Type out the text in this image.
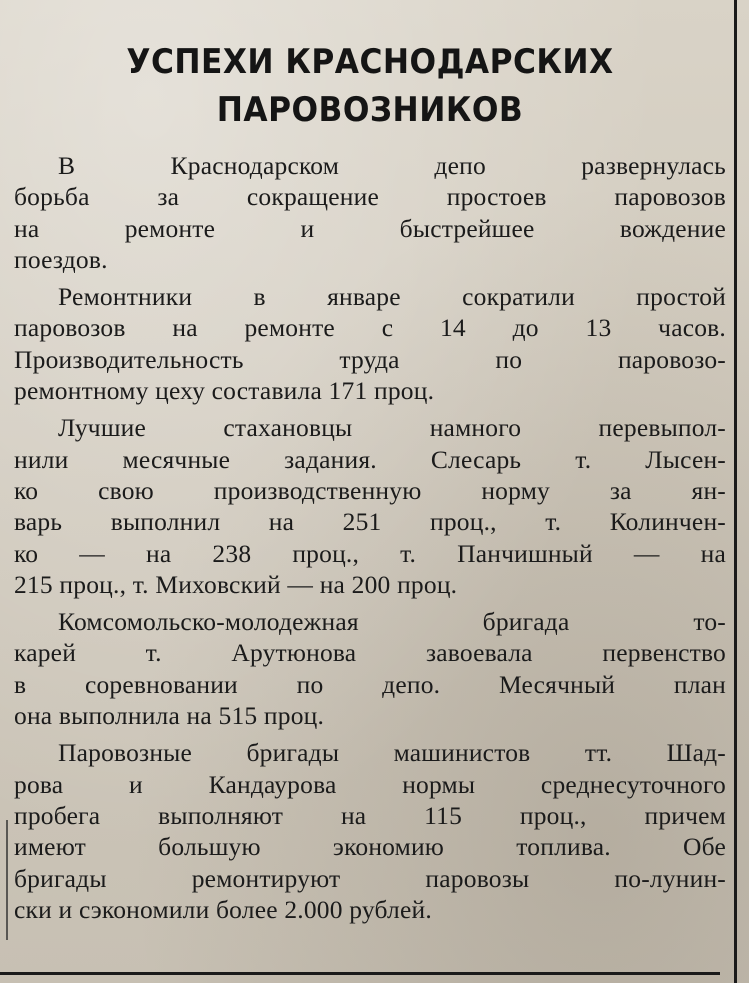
УСПЕХИ КРАСНОДАРСКИХ
ПАРОВОЗНИКОВ
В Краснодарском депо развернулась
борьба за сокращение простоев паровозов
на ремонте и быстрейшее вождение
поездов.
Ремонтники в январе сократили простой
паровозов на ремонте с 14 до 13 часов.
Производительность труда по паровозо-
ремонтному цеху составила 171 проц.
Лучшие стахановцы намного перевыпол-
нили месячные задания. Слесарь т. Лысен-
ко свою производственную норму за ян-
варь выполнил на 251 проц., т. Колинчен-
ко — на 238 проц., т. Панчишный — на
215 проц., т. Миховский — на 200 проц.
Комсомольско-молодежная бригада то-
карей т. Арутюнова завоевала первенство
в соревновании по депо. Месячный план
она выполнила на 515 проц.
Паровозные бригады машинистов тт. Шад-
рова и Кандаурова нормы среднесуточного
пробега выполняют на 115 проц., причем
имеют большую экономию топлива. Обе
бригады ремонтируют паровозы по-лунин-
ски и сэкономили более 2.000 рублей.
